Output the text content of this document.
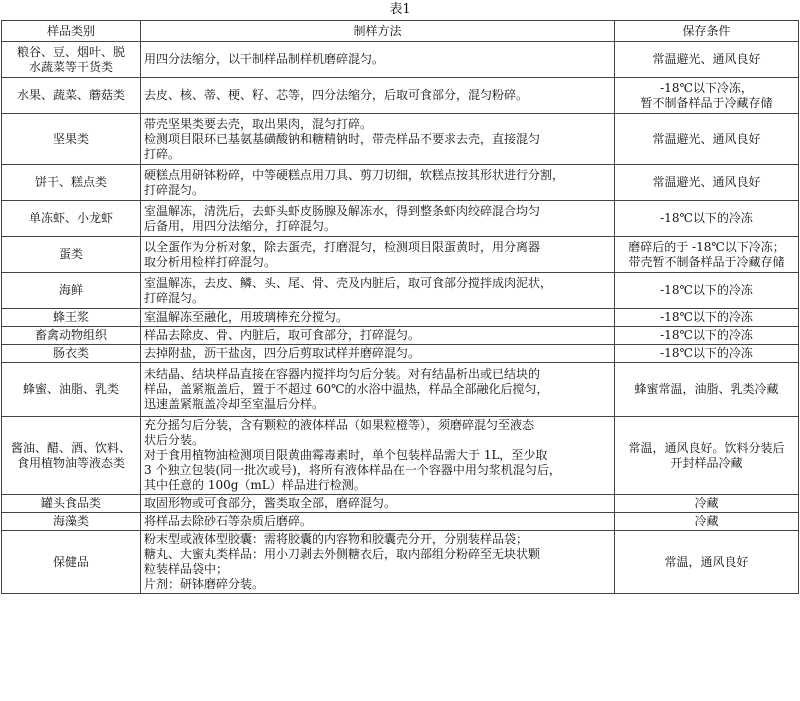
表1
样品类别	制样方法	保存条件

粮谷、豆、烟叶、脱
水蔬菜等干货类	用四分法缩分，以干制样品制样机磨碎混匀。	常温避光、通风良好

水果、蔬菜、蘑菇类	去皮、核、蒂、梗、籽、芯等，四分法缩分，后取可食部分，混匀粉碎。	-18℃以下冷冻，
暂不制备样品于冷藏存储

坚果类	带壳坚果类要去壳，取出果肉，混匀打碎。
检测项目限环已基氨基磺酸钠和糖精钠时，带壳样品不要求去壳，直接混匀
打碎。	常温避光、通风良好

饼干、糕点类	硬糕点用研钵粉碎，中等硬糕点用刀具、剪刀切细，软糕点按其形状进行分割，
打碎混匀。	常温避光、通风良好

单冻虾、小龙虾	室温解冻，清洗后，去虾头虾皮肠腺及解冻水，得到整条虾肉绞碎混合均匀
后备用，用四分法缩分，打碎混匀。	-18℃以下的冷冻

蛋类	以全蛋作为分析对象，除去蛋壳，打磨混匀，检测项目限蛋黄时，用分离器
取分析用检样打碎混匀。	磨碎后的于 -18℃以下冷冻；
带壳暂不制备样品于冷藏存储

海鲜	室温解冻，去皮、鳞、头、尾、骨、壳及内脏后，取可食部分搅拌成肉泥状，
打碎混匀。	-18℃以下的冷冻

蜂王浆	室温解冻至融化，用玻璃棒充分搅匀。	-18℃以下的冷冻

畜禽动物组织	样品去除皮、骨、内脏后，取可食部分，打碎混匀。	-18℃以下的冷冻

肠衣类	去掉附盐，沥干盐卤，四分后剪取试样并磨碎混匀。	-18℃以下的冷冻

蜂蜜、油脂、乳类	未结晶、结块样品直接在容器内搅拌均匀后分装。对有结晶析出或已结块的
样品，盖紧瓶盖后，置于不超过 60℃的水浴中温热，样品全部融化后搅匀，
迅速盖紧瓶盖冷却至室温后分样。	蜂蜜常温，油脂、乳类冷藏

酱油、醋、酒、饮料、
食用植物油等液态类	充分摇匀后分装，含有颗粒的液体样品（如果粒橙等），须磨碎混匀至液态
状后分装。
对于食用植物油检测项目限黄曲霉毒素时，单个包装样品需大于 1L，至少取
3 个独立包装(同一批次或号)，将所有液体样品在一个容器中用匀浆机混匀后，
其中任意的 100g（mL）样品进行检测。	常温，通风良好。饮料分装后
开封样品冷藏

罐头食品类	取固形物或可食部分，酱类取全部，磨碎混匀。	冷藏

海藻类	将样品去除砂石等杂质后磨碎。	冷藏

保健品	粉末型或液体型胶囊：需将胶囊的内容物和胶囊壳分开，分别装样品袋；
糖丸、大蜜丸类样品：用小刀剥去外侧糖衣后，取内部组分粉碎至无块状颗
粒装样品袋中；
片剂：研钵磨碎分装。	常温，通风良好
